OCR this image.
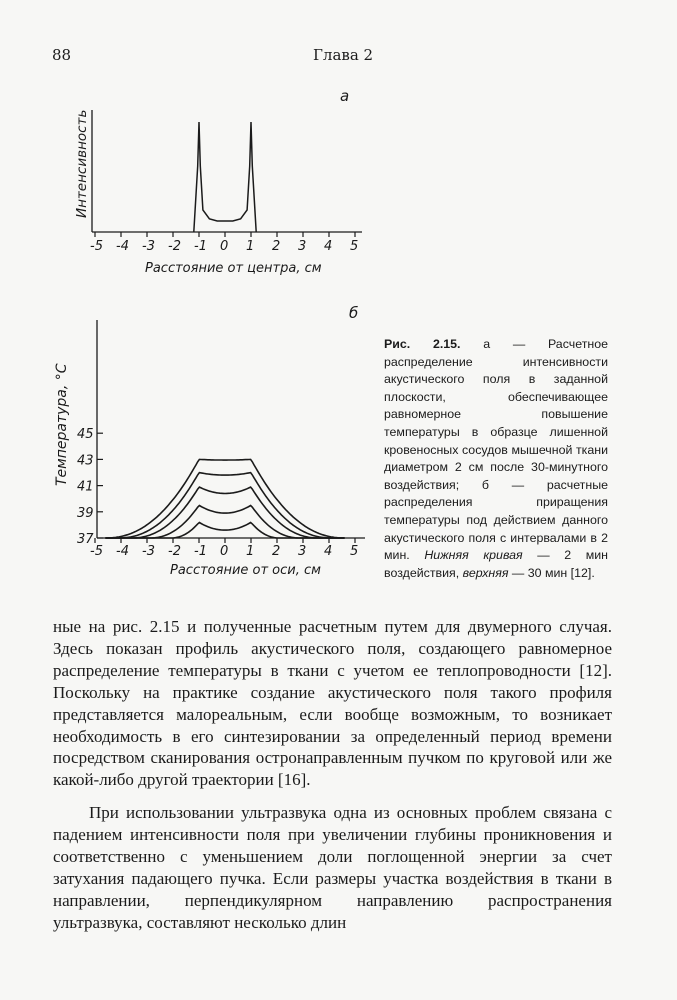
88	Глава 2
а
Интенсивность
-5 -4 -3 -2 -1 0 1 2 3 4 5
Расстояние от центра, см
б
Температура, °С
-5 -4 -3 -2 -1 0 1 2 3 4 5
37
39
41
43
45
Расстояние от оси, см
Рис. 2.15. а — Расчетное распределение интенсивности акустического поля в заданной плоскости, обеспечивающее равномерное повышение температуры в образце лишенной кровеносных сосудов мышечной ткани диаметром 2 см после 30-минутного воздействия; б — расчетные распределения приращения температуры под действием данного акустического поля с интервалами в 2 мин. Нижняя кривая — 2 мин воздействия, верхняя — 30 мин [12].
ные на рис. 2.15 и полученные расчетным путем для двумерного случая. Здесь показан профиль акустического поля, создающего равномерное распределение температуры в ткани с учетом ее теплопроводности [12]. Поскольку на практике создание акустического поля такого профиля представляется малореальным, если вообще возможным, то возникает необходимость в его синтезировании за определенный период времени посредством сканирования остронаправленным пучком по круговой или же какой-либо другой траектории [16].
При использовании ультразвука одна из основных проблем связана с падением интенсивности поля при увеличении глубины проникновения и соответственно с уменьшением доли поглощенной энергии за счет затухания падающего пучка. Если размеры участка воздействия в ткани в направлении, перпендикулярном направлению распространения ультразвука, составляют несколько длин
